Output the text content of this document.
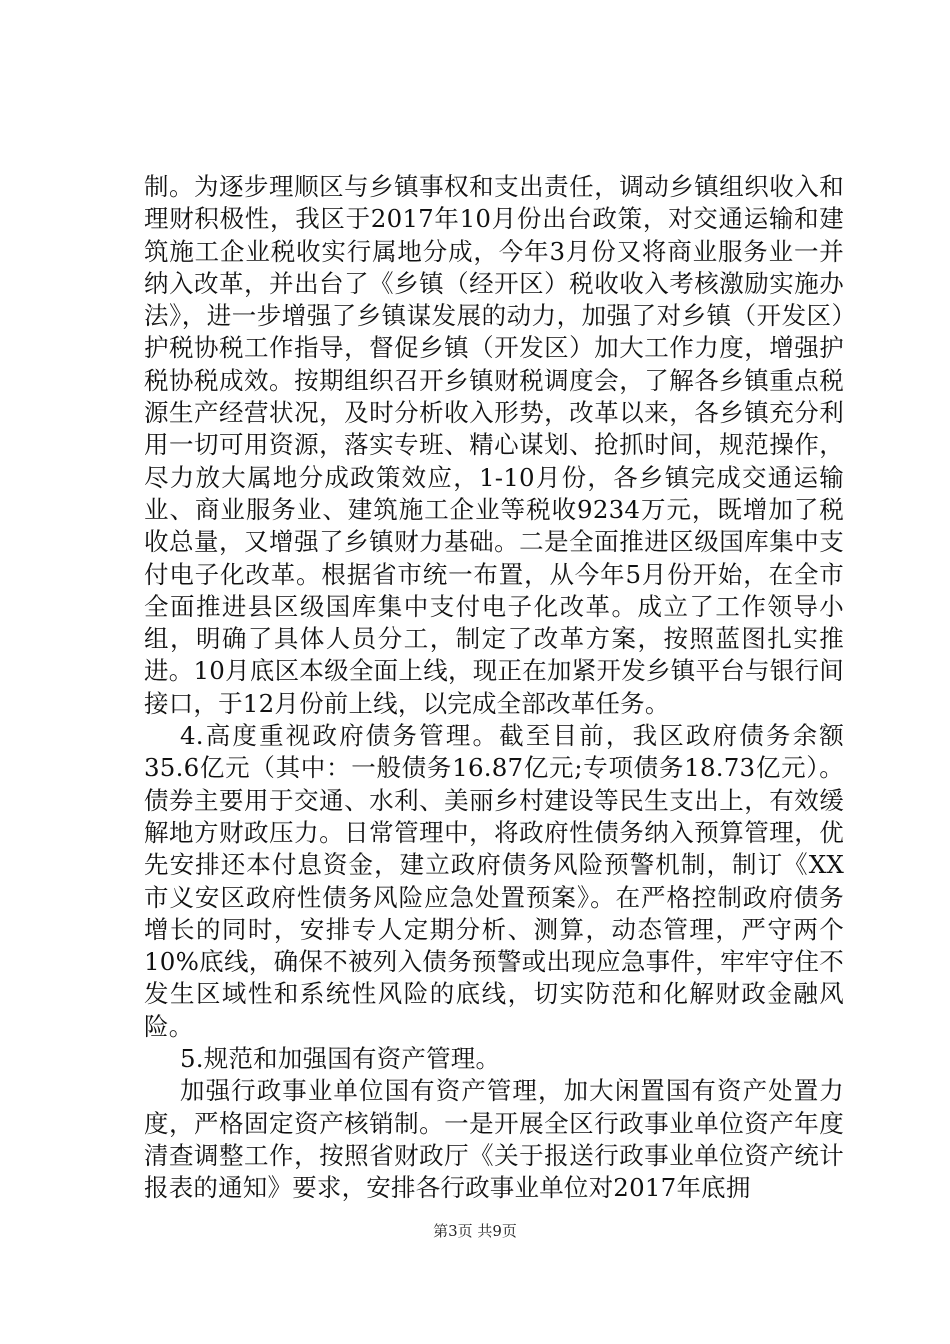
制。为逐步理顺区与乡镇事权和支出责任，调动乡镇组织收入和理财积极性，我区于2017年10月份出台政策，对交通运输和建筑施工企业税收实行属地分成，今年3月份又将商业服务业一并纳入改革，并出台了《乡镇（经开区）税收收入考核激励实施办法》，进一步增强了乡镇谋发展的动力，加强了对乡镇（开发区）护税协税工作指导，督促乡镇（开发区）加大工作力度，增强护税协税成效。按期组织召开乡镇财税调度会，了解各乡镇重点税源生产经营状况，及时分析收入形势，改革以来，各乡镇充分利用一切可用资源，落实专班、精心谋划、抢抓时间，规范操作，尽力放大属地分成政策效应，1-10月份，各乡镇完成交通运输业、商业服务业、建筑施工企业等税收9234万元，既增加了税收总量，又增强了乡镇财力基础。二是全面推进区级国库集中支付电子化改革。根据省市统一布置，从今年5月份开始，在全市全面推进县区级国库集中支付电子化改革。成立了工作领导小组，明确了具体人员分工，制定了改革方案，按照蓝图扎实推进。10月底区本级全面上线，现正在加紧开发乡镇平台与银行间接口，于12月份前上线，以完成全部改革任务。

4.高度重视政府债务管理。截至目前，我区政府债务余额35.6亿元（其中：一般债务16.87亿元;专项债务18.73亿元）。债券主要用于交通、水利、美丽乡村建设等民生支出上，有效缓解地方财政压力。日常管理中，将政府性债务纳入预算管理，优先安排还本付息资金，建立政府债务风险预警机制，制订《XX市义安区政府性债务风险应急处置预案》。在严格控制政府债务增长的同时，安排专人定期分析、测算，动态管理，严守两个10%底线，确保不被列入债务预警或出现应急事件，牢牢守住不发生区域性和系统性风险的底线，切实防范和化解财政金融风险。

5.规范和加强国有资产管理。

加强行政事业单位国有资产管理，加大闲置国有资产处置力度，严格固定资产核销制。一是开展全区行政事业单位资产年度清查调整工作，按照省财政厅《关于报送行政事业单位资产统计报表的通知》要求，安排各行政事业单位对2017年底拥

第3页 共9页
